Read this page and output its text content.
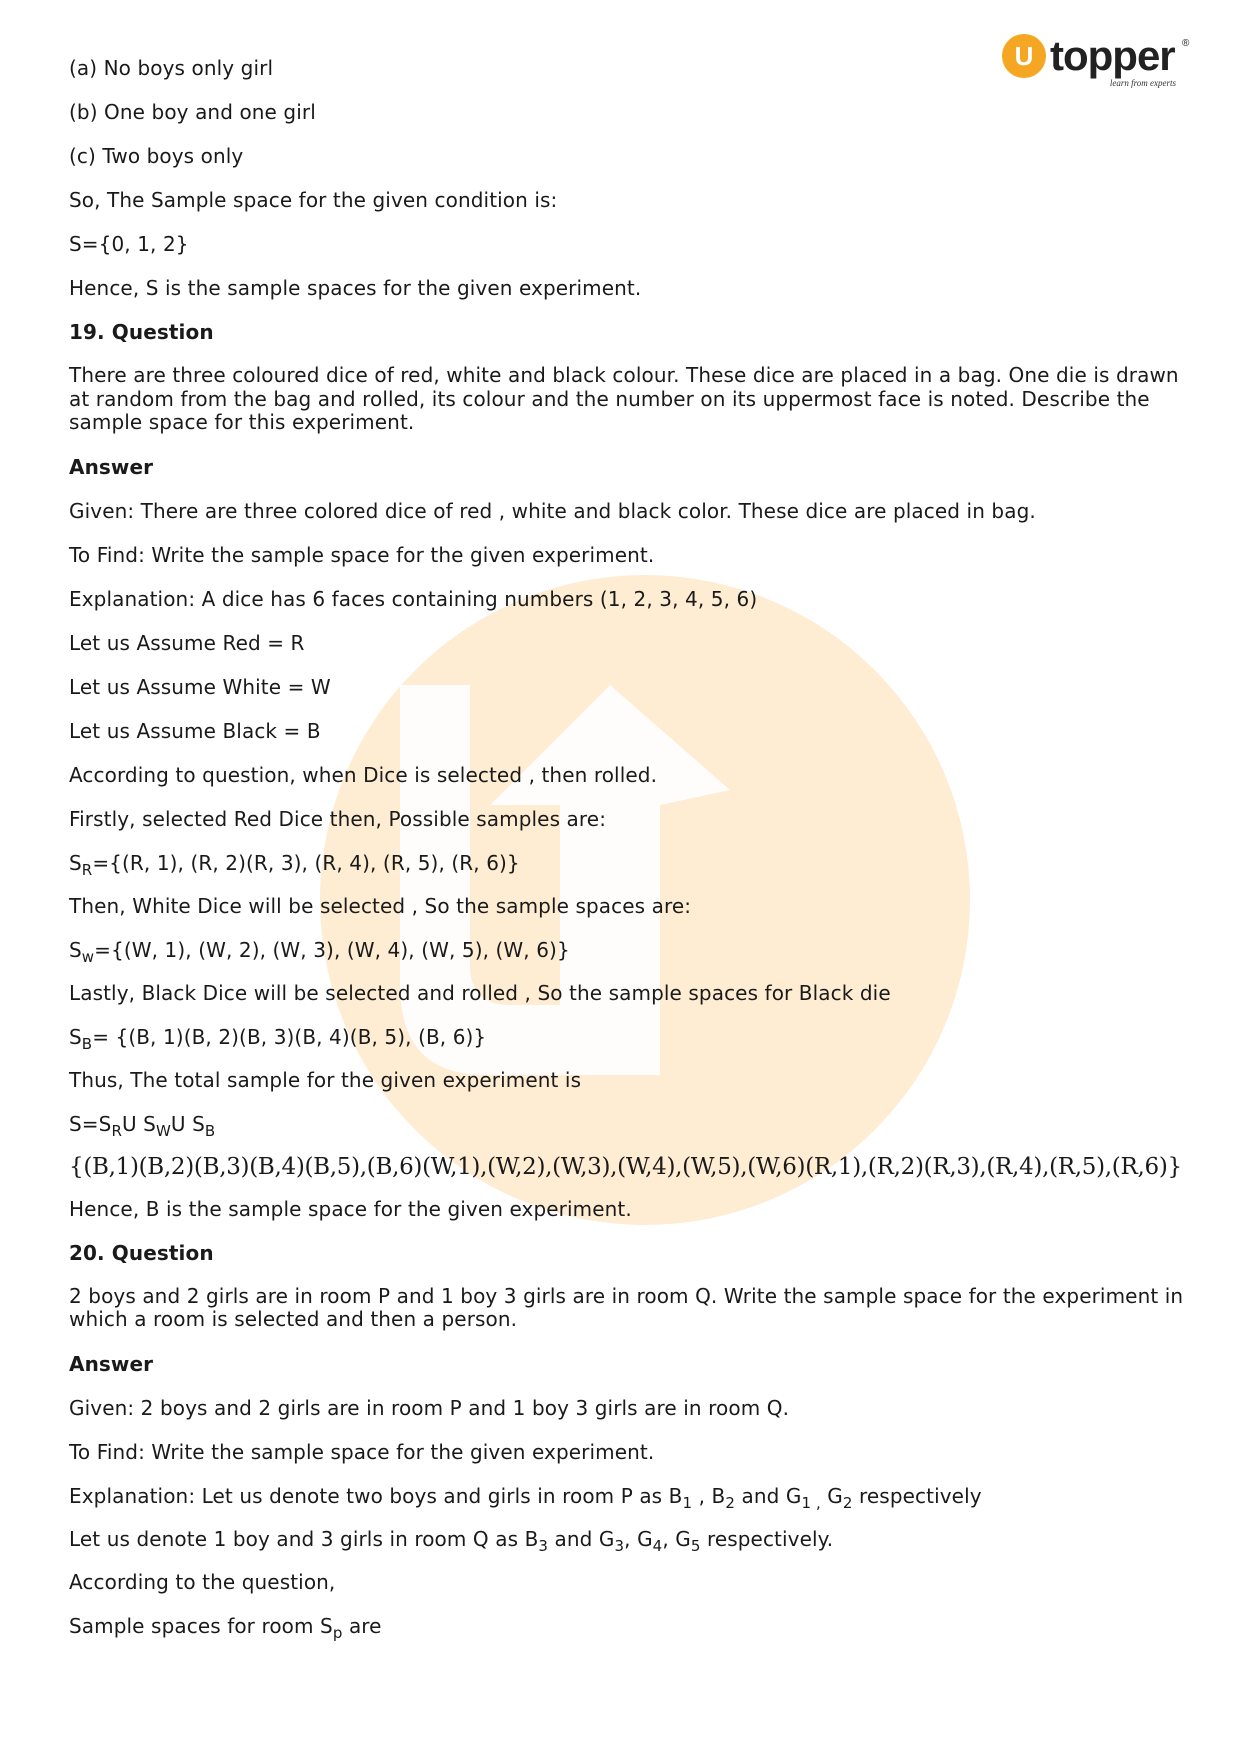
U topper ®
learn from experts
(a) No boys only girl
(b) One boy and one girl
(c) Two boys only
So, The Sample space for the given condition is:
S={0, 1, 2}
Hence, S is the sample spaces for the given experiment.
19. Question
There are three coloured dice of red, white and black colour. These dice are placed in a bag. One die is drawn at random from the bag and rolled, its colour and the number on its uppermost face is noted. Describe the sample space for this experiment.
Answer
Given: There are three colored dice of red , white and black color. These dice are placed in bag.
To Find: Write the sample space for the given experiment.
Explanation: A dice has 6 faces containing numbers (1, 2, 3, 4, 5, 6)
Let us Assume Red = R
Let us Assume White = W
Let us Assume Black = B
According to question, when Dice is selected , then rolled.
Firstly, selected Red Dice then, Possible samples are:
$S_R=\{(R$, 1), (R, 2)(R, 3), (R, 4), (R, 5), (R, 6)}
Then, White Dice will be selected , So the sample spaces are:
$S_w=\{(W$, 1), (W, 2), (W, 3), (W, 4), (W, 5), (W, 6)}
Lastly, Black Dice will be selected and rolled , So the sample spaces for Black die
$S_B= \{(B$, 1)(B, 2)(B, 3)(B, 4)(B, 5), (B, 6)}
Thus, The total sample for the given experiment is
$S=S_RU$ $S_WU$ $S_B$
{(B,1)(B,2)(B,3)(B,4)(B,5),(B,6)(W,1),(W,2),(W,3),(W,4),(W,5),(W,6)(R,1),(R,2)(R,3),(R,4),(R,5),(R,6)}
Hence, B is the sample space for the given experiment.
20. Question
2 boys and 2 girls are in room P and 1 boy 3 girls are in room Q. Write the sample space for the experiment in which a room is selected and then a person.
Answer
Given: 2 boys and 2 girls are in room P and 1 boy 3 girls are in room Q.
To Find: Write the sample space for the given experiment.
Explanation: Let us denote two boys and girls in room P as $B_1$ , $B_2$ and $G_{1 ,}$ $G_2$ respectively
Let us denote 1 boy and 3 girls in room Q as $B_3$ and $G_3$, $G_4$, $G_5$ respectively.
According to the question,
Sample spaces for room $S_p$ are
